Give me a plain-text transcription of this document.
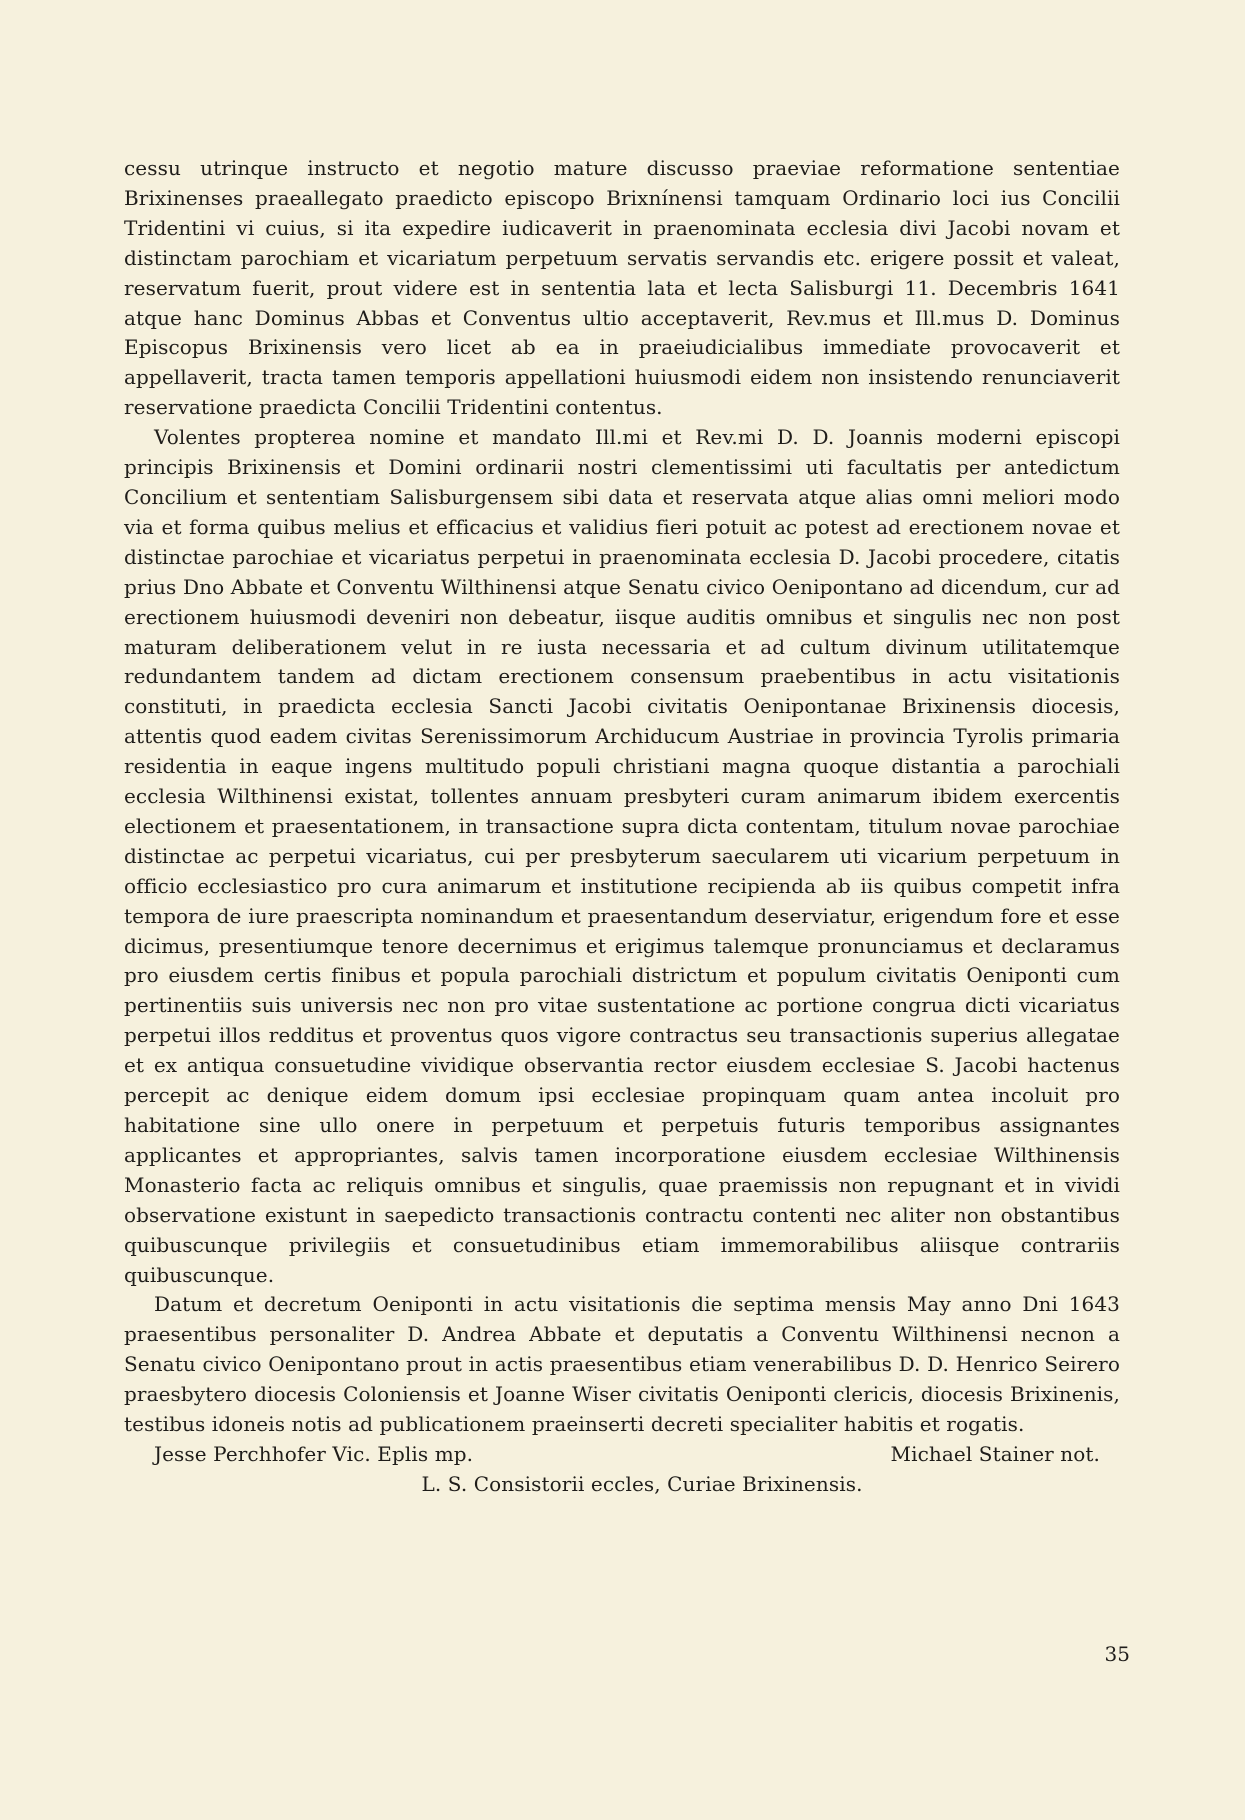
cessu utrinque instructo et negotio mature discusso praeviae reformatione sententiae Brixinenses praeallegato praedicto episcopo Brixnínensi tamquam Ordinario loci ius Concilii Tridentini vi cuius, si ita expedire iudicaverit in praenominata ecclesia divi Jacobi novam et distinctam parochiam et vicariatum perpetuum servatis servandis etc. erigere possit et valeat, reservatum fuerit, prout videre est in sententia lata et lecta Salisburgi 11. Decembris 1641 atque hanc Dominus Abbas et Conventus ultio acceptaverit, Rev.mus et Ill.mus D. Dominus Episcopus Brixinensis vero licet ab ea in praeiudicialibus immediate provocaverit et appellaverit, tracta tamen temporis appellationi huiusmodi eidem non insistendo renunciaverit reservatione praedicta Concilii Tridentini contentus.

Volentes propterea nomine et mandato Ill.mi et Rev.mi D. D. Joannis moderni episcopi principis Brixinensis et Domini ordinarii nostri clementissimi uti facultatis per antedictum Concilium et sententiam Salisburgensem sibi data et reservata atque alias omni meliori modo via et forma quibus melius et efficacius et validius fieri potuit ac potest ad erectionem novae et distinctae parochiae et vicariatus perpetui in praenominata ecclesia D. Jacobi procedere, citatis prius Dno Abbate et Conventu Wilthinensi atque Senatu civico Oenipontano ad dicendum, cur ad erectionem huiusmodi deveniri non debeatur, iisque auditis omnibus et singulis nec non post maturam deliberationem velut in re iusta necessaria et ad cultum divinum utilitatemque redundantem tandem ad dictam erectionem consensum praebentibus in actu visitationis constituti, in praedicta ecclesia Sancti Jacobi civitatis Oenipontanae Brixinensis diocesis, attentis quod eadem civitas Serenissimorum Archiducum Austriae in provincia Tyrolis primaria residentia in eaque ingens multitudo populi christiani magna quoque distantia a parochiali ecclesia Wilthinensi existat, tollentes annuam presbyteri curam animarum ibidem exercentis electionem et praesentationem, in transactione supra dicta contentam, titulum novae parochiae distinctae ac perpetui vicariatus, cui per presbyterum saecularem uti vicarium perpetuum in officio ecclesiastico pro cura animarum et institutione recipienda ab iis quibus competit infra tempora de iure praescripta nominandum et praesentandum deserviatur, erigendum fore et esse dicimus, presentiumque tenore decernimus et erigimus talemque pronunciamus et declaramus pro eiusdem certis finibus et popula parochiali districtum et populum civitatis Oeniponti cum pertinentiis suis universis nec non pro vitae sustentatione ac portione congrua dicti vicariatus perpetui illos redditus et proventus quos vigore contractus seu transactionis superius allegatae et ex antiqua consuetudine vividique observantia rector eiusdem ecclesiae S. Jacobi hactenus percepit ac denique eidem domum ipsi ecclesiae propinquam quam antea incoluit pro habitatione sine ullo onere in perpetuum et perpetuis futuris temporibus assignantes applicantes et appropriantes, salvis tamen incorporatione eiusdem ecclesiae Wilthinensis Monasterio facta ac reliquis omnibus et singulis, quae praemissis non repugnant et in vividi observatione existunt in saepedicto transactionis contractu contenti nec aliter non obstantibus quibuscunque privilegiis et consuetudinibus etiam immemorabilibus aliisque contrariis quibuscunque.

Datum et decretum Oeniponti in actu visitationis die septima mensis May anno Dni 1643 praesentibus personaliter D. Andrea Abbate et deputatis a Conventu Wilthinensi necnon a Senatu civico Oenipontano prout in actis praesentibus etiam venerabilibus D. D. Henrico Seirero praesbytero diocesis Coloniensis et Joanne Wiser civitatis Oeniponti clericis, diocesis Brixinenis, testibus idoneis notis ad publicationem praeinserti decreti specialiter habitis et rogatis.

Jesse Perchhofer Vic. Eplis mp.	Michael Stainer not.

L. S. Consistorii eccles, Curiae Brixinensis.

35
